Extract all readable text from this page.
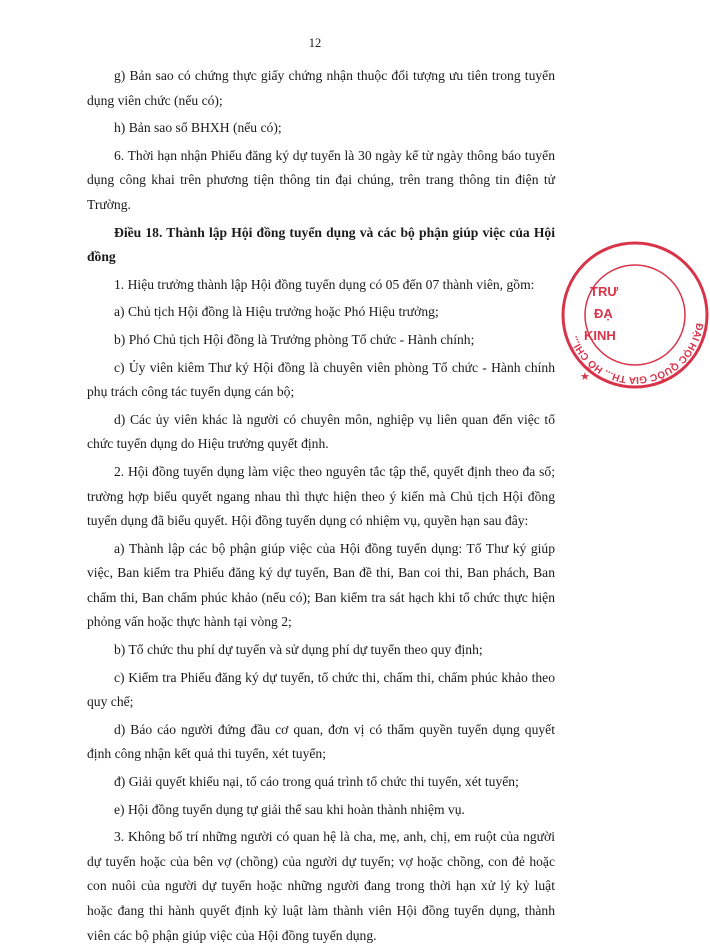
12

g) Bản sao có chứng thực giấy chứng nhận thuộc đối tượng ưu tiên trong tuyển dụng viên chức (nếu có);

h) Bản sao sổ BHXH (nếu có);

6. Thời hạn nhận Phiếu đăng ký dự tuyển là 30 ngày kể từ ngày thông báo tuyển dụng công khai trên phương tiện thông tin đại chúng, trên trang thông tin điện tử Trường.

Điều 18. Thành lập Hội đồng tuyển dụng và các bộ phận giúp việc của Hội đồng

1. Hiệu trưởng thành lập Hội đồng tuyển dụng có 05 đến 07 thành viên, gồm:

a) Chủ tịch Hội đồng là Hiệu trưởng hoặc Phó Hiệu trưởng;

b) Phó Chủ tịch Hội đồng là Trưởng phòng Tổ chức - Hành chính;

c) Ủy viên kiêm Thư ký Hội đồng là chuyên viên phòng Tổ chức - Hành chính phụ trách công tác tuyển dụng cán bộ;

d) Các ủy viên khác là người có chuyên môn, nghiệp vụ liên quan đến việc tổ chức tuyển dụng do Hiệu trưởng quyết định.

2. Hội đồng tuyển dụng làm việc theo nguyên tắc tập thể, quyết định theo đa số; trường hợp biểu quyết ngang nhau thì thực hiện theo ý kiến mà Chủ tịch Hội đồng tuyển dụng đã biểu quyết. Hội đồng tuyển dụng có nhiệm vụ, quyền hạn sau đây:

a) Thành lập các bộ phận giúp việc của Hội đồng tuyển dụng: Tổ Thư ký giúp việc, Ban kiểm tra Phiếu đăng ký dự tuyển, Ban đề thi, Ban coi thi, Ban phách, Ban chấm thi, Ban chấm phúc khảo (nếu có); Ban kiểm tra sát hạch khi tổ chức thực hiện phỏng vấn hoặc thực hành tại vòng 2;

b) Tổ chức thu phí dự tuyển và sử dụng phí dự tuyển theo quy định;

c) Kiểm tra Phiếu đăng ký dự tuyển, tổ chức thi, chấm thi, chấm phúc khảo theo quy chế;

d) Báo cáo người đứng đầu cơ quan, đơn vị có thẩm quyền tuyển dụng quyết định công nhận kết quả thi tuyển, xét tuyển;

đ) Giải quyết khiếu nại, tố cáo trong quá trình tổ chức thi tuyển, xét tuyển;

e) Hội đồng tuyển dụng tự giải thể sau khi hoàn thành nhiệm vụ.

3. Không bố trí những người có quan hệ là cha, mẹ, anh, chị, em ruột của người dự tuyển hoặc của bên vợ (chồng) của người dự tuyển; vợ hoặc chồng, con đẻ hoặc con nuôi của người dự tuyển hoặc những người đang trong thời hạn xử lý kỷ luật hoặc đang thi hành quyết định kỷ luật làm thành viên Hội đồng tuyển dụng, thành viên các bộ phận giúp việc của Hội đồng tuyển dụng.

ĐẠI HỌC QUỐC GIA TH... HỒ CHÍ...
TRƯ
ĐẠ
KINH
★
